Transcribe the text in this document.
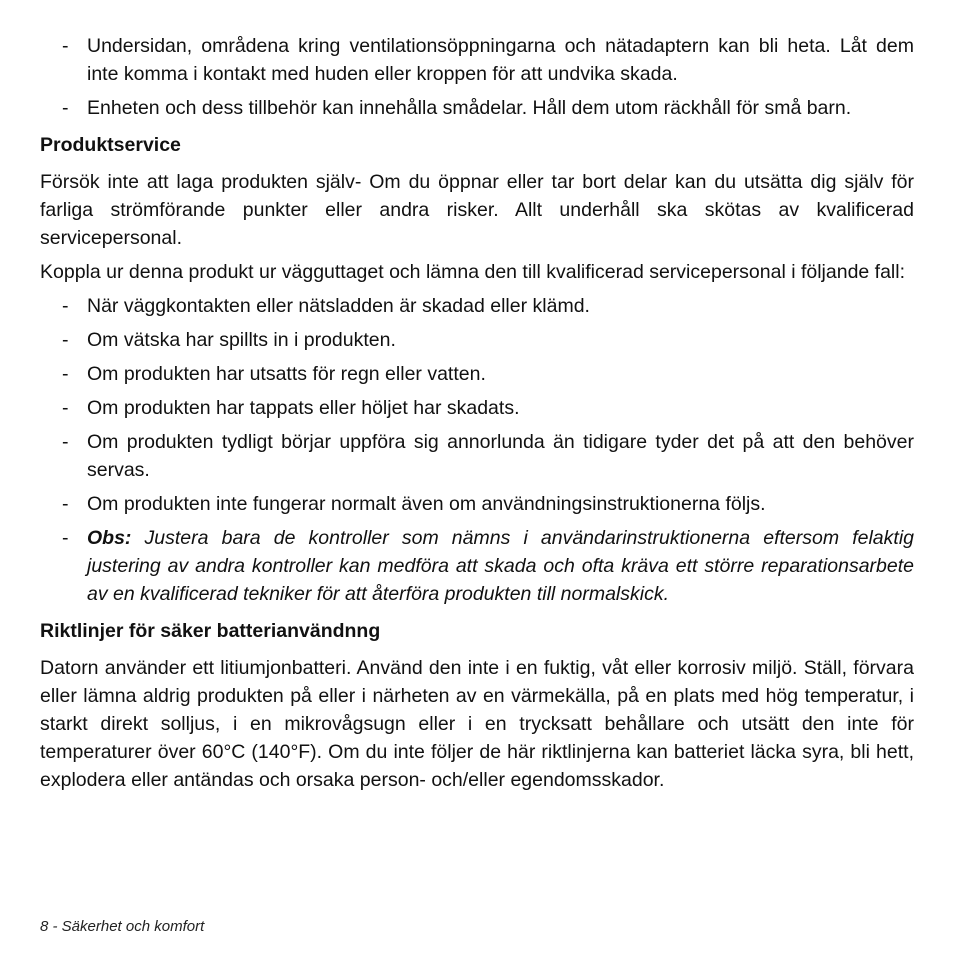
- Undersidan, områdena kring ventilationsöppningarna och nätadaptern kan bli heta. Låt dem inte komma i kontakt med huden eller kroppen för att undvika skada.
- Enheten och dess tillbehör kan innehålla smådelar. Håll dem utom räckhåll för små barn.
Produktservice
Försök inte att laga produkten själv- Om du öppnar eller tar bort delar kan du utsätta dig själv för farliga strömförande punkter eller andra risker. Allt underhåll ska skötas av kvalificerad servicepersonal.
Koppla ur denna produkt ur vägguttaget och lämna den till kvalificerad servicepersonal i följande fall:
- När väggkontakten eller nätsladden är skadad eller klämd.
- Om vätska har spillts in i produkten.
- Om produkten har utsatts för regn eller vatten.
- Om produkten har tappats eller höljet har skadats.
- Om produkten tydligt börjar uppföra sig annorlunda än tidigare tyder det på att den behöver servas.
- Om produkten inte fungerar normalt även om användningsinstruktionerna följs.
- Obs: Justera bara de kontroller som nämns i användarinstruktionerna eftersom felaktig justering av andra kontroller kan medföra att skada och ofta kräva ett större reparationsarbete av en kvalificerad tekniker för att återföra produkten till normalskick.
Riktlinjer för säker batterianvändnng
Datorn använder ett litiumjonbatteri. Använd den inte i en fuktig, våt eller korrosiv miljö. Ställ, förvara eller lämna aldrig produkten på eller i närheten av en värmekälla, på en plats med hög temperatur, i starkt direkt solljus, i en mikrovågsugn eller i en trycksatt behållare och utsätt den inte för temperaturer över 60°C (140°F). Om du inte följer de här riktlinjerna kan batteriet läcka syra, bli hett, explodera eller antändas och orsaka person- och/eller egendomsskador.
8 - Säkerhet och komfort
